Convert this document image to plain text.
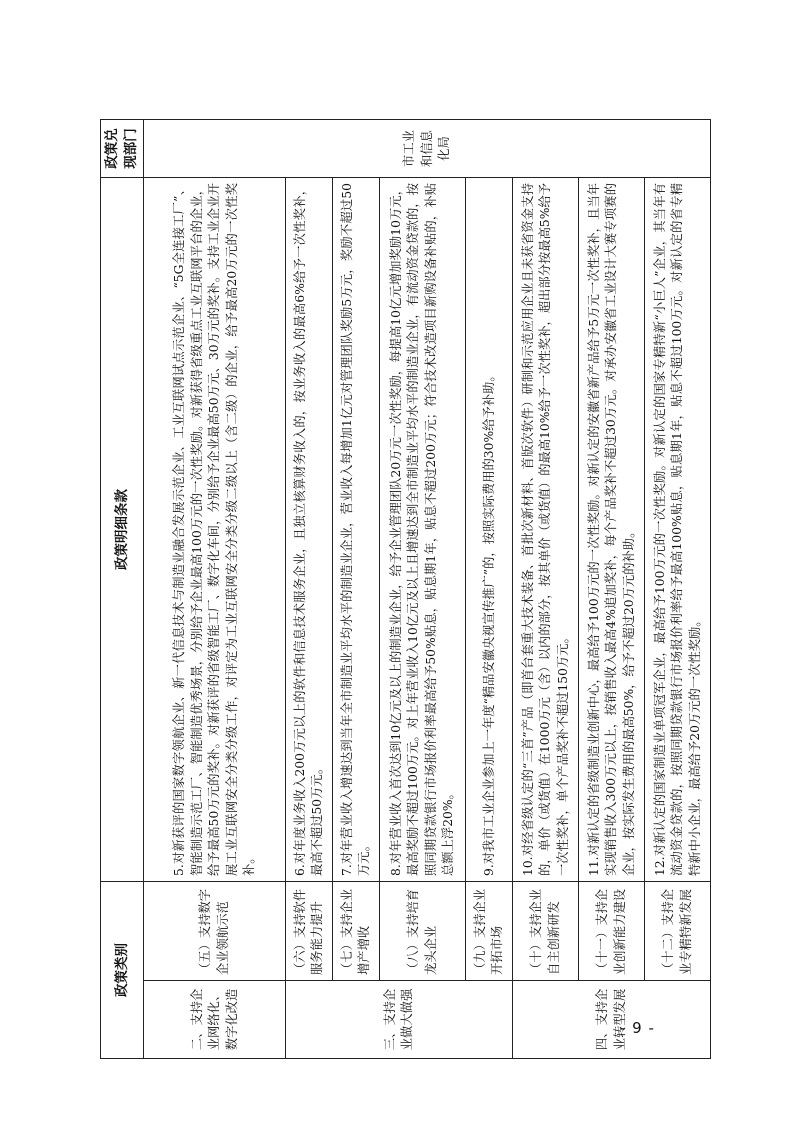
政策类别		政策明细条款	政策兑现部门
二、支持企业网络化、数字化改造	（五）支持数字企业领航示范	5.对新获评的国家数字领航企业、新一代信息技术与制造业融合发展示范企业、工业互联网试点示范企业、“5G全连接工厂”、智能制造示范工厂、智能制造优秀场景，分别给予企业最高100万元的一次性奖励。对新获得省级重点工业互联网平台的企业，给予最高50万元的奖补。对新获评的省级智能工厂、数字化车间，分别给予企业最高50万元、30万元的奖补。支持工业企业开展工业互联网安全分类分级工作，对评定为工业互联网安全分类分级二级以上（含二级）的企业，给予最高20万元的一次性奖补。	市工业和信息化局
三、支持企业做大做强	（六）支持软件服务能力提升	6.对年度业务收入200万元以上的软件和信息技术服务企业，且独立核算财务收入的，按业务收入的最高6%给予一次性奖补，最高不超过50万元。	
	（七）支持企业增产增收	7.对年营业收入增速达到当年全市制造业平均水平的制造业企业，营业收入每增加1亿元对管理团队奖励5万元，奖励不超过50万元。	
	（八）支持培育龙头企业	8.对年营业收入首次达到10亿元及以上的制造业企业，给予企业管理团队20万元一次性奖励，每提高10亿元增加奖励10万元，最高奖励不超过100万元。对上年营业收入10亿元及以上且增速达到全市制造业平均水平的制造业企业，有流动资金贷款的，按照同期贷款银行市场报价利率最高给予50%贴息，贴息期1年，贴息不超过200万元；符合技术改造项目新购设备补贴的，补贴总额上浮20%。	
	（九）支持企业开拓市场	9.对我市工业企业参加上一年度“精品安徽央视宣传推广”的，按照实际费用的30%给予补助。	
四、支持企业转型发展	（十）支持企业自主创新研发	10.对经省级认定的“三首”产品（即首台套重大技术装备、首批次新材料、首版次软件）研制和示范应用企业且未获省资金支持的，单价（或货值）在1000万元（含）以内的部分，按其单价（或货值）的最高10%给予一次性奖补，超出部分按最高5%给予一次性奖补，单个产品奖补不超过150万元。	
	（十一）支持企业创新能力建设	11.对新认定的省级制造业创新中心，最高给予100万元的一次性奖励。对新认定的安徽省新产品给予5万元一次性奖补，且当年实现销售收入300万元以上，按销售收入最高4%追加奖补，每个产品奖补不超过30万元。对承办安徽省工业设计大赛专项赛的企业，按实际发生费用的最高50%，给予不超过20万元的补助。	
	（十二）支持企业专精特新发展	12.对新认定的国家制造业单项冠军企业，最高给予100万元的一次性奖励。对新认定的国家专精特新“小巨人”企业，其当年有流动资金贷款的，按照同期贷款银行市场报价利率给予最高100%贴息，贴息期1年，贴息不超过100万元。对新认定的省专精特新中小企业，最高给予20万元的一次性奖励。	
- 9 -
